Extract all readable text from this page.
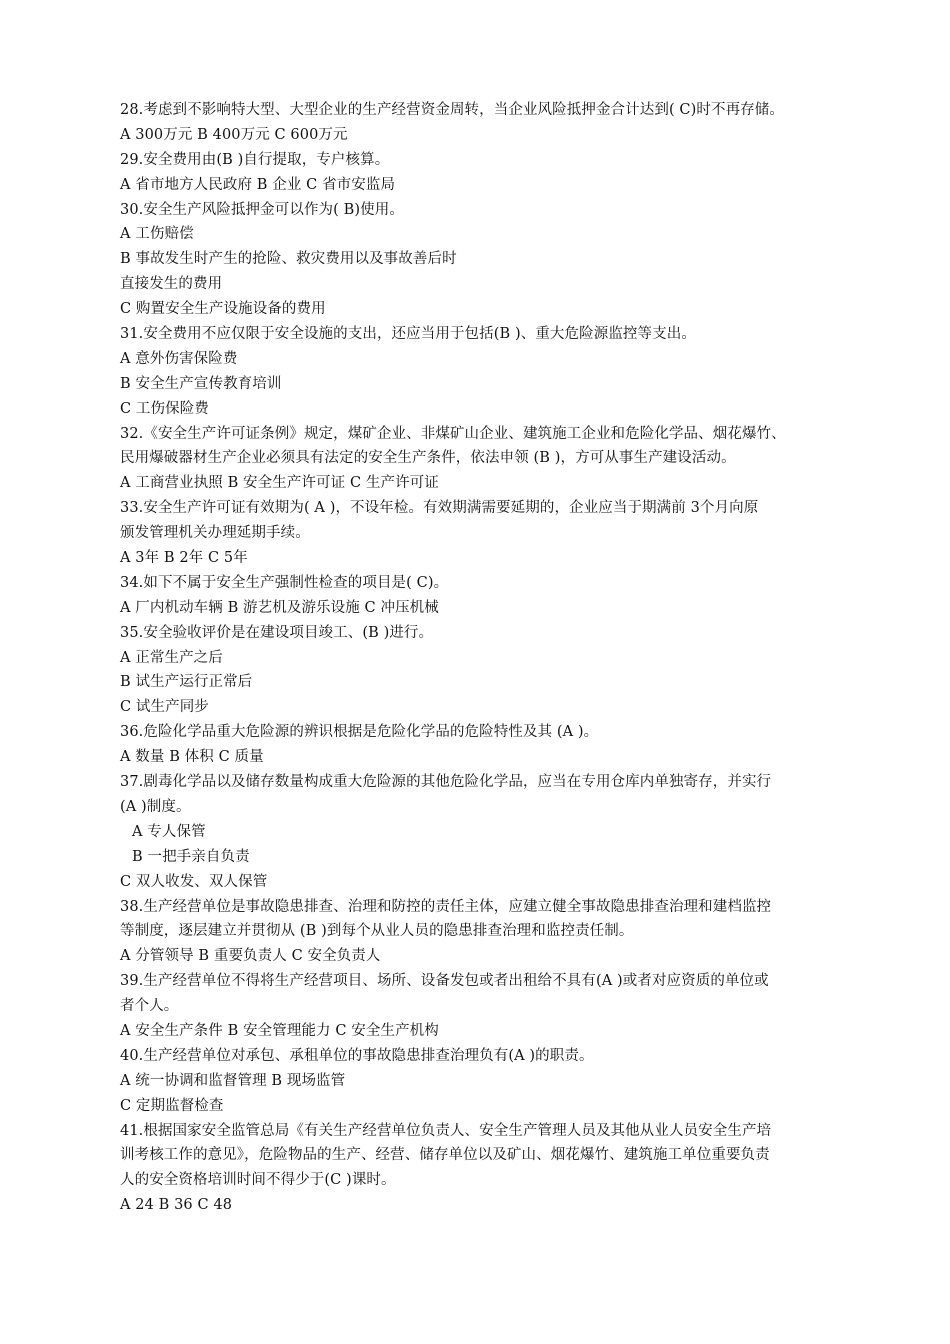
28.考虑到不影响特大型、大型企业的生产经营资金周转，当企业风险抵押金合计达到( C)时不再存储。
A 300万元 B 400万元 C 600万元
29.安全费用由(B )自行提取，专户核算。
A 省市地方人民政府 B 企业 C 省市安监局
30.安全生产风险抵押金可以作为( B)使用。
A 工伤赔偿
B 事故发生时产生的抢险、救灾费用以及事故善后时
直接发生的费用
C 购置安全生产设施设备的费用
31.安全费用不应仅限于安全设施的支出，还应当用于包括(B )、重大危险源监控等支出。
A 意外伤害保险费
B 安全生产宣传教育培训
C 工伤保险费
32.《安全生产许可证条例》规定，煤矿企业、非煤矿山企业、建筑施工企业和危险化学品、烟花爆竹、
民用爆破器材生产企业必须具有法定的安全生产条件，依法申领 (B )，方可从事生产建设活动。
A 工商营业执照 B 安全生产许可证 C 生产许可证
33.安全生产许可证有效期为( A )，不设年检。有效期满需要延期的，企业应当于期满前 3个月向原
颁发管理机关办理延期手续。
A 3年 B 2年 C 5年
34.如下不属于安全生产强制性检查的项目是( C)。
A 厂内机动车辆 B 游艺机及游乐设施 C 冲压机械
35.安全验收评价是在建设项目竣工、(B )进行。
A 正常生产之后
B 试生产运行正常后
C 试生产同步
36.危险化学品重大危险源的辨识根据是危险化学品的危险特性及其 (A )。
A 数量 B 体积 C 质量
37.剧毒化学品以及储存数量构成重大危险源的其他危险化学品，应当在专用仓库内单独寄存，并实行
(A )制度。
A 专人保管
B 一把手亲自负责
C 双人收发、双人保管
38.生产经营单位是事故隐患排查、治理和防控的责任主体，应建立健全事故隐患排查治理和建档监控
等制度，逐层建立并贯彻从 (B )到每个从业人员的隐患排查治理和监控责任制。
A 分管领导 B 重要负责人 C 安全负责人
39.生产经营单位不得将生产经营项目、场所、设备发包或者出租给不具有(A )或者对应资质的单位或
者个人。
A 安全生产条件 B 安全管理能力 C 安全生产机构
40.生产经营单位对承包、承租单位的事故隐患排查治理负有(A )的职责。
A 统一协调和监督管理 B 现场监管
C 定期监督检查
41.根据国家安全监管总局《有关生产经营单位负责人、安全生产管理人员及其他从业人员安全生产培
训考核工作的意见》，危险物品的生产、经营、储存单位以及矿山、烟花爆竹、建筑施工单位重要负责
人的安全资格培训时间不得少于(C )课时。
A 24 B 36 C 48
